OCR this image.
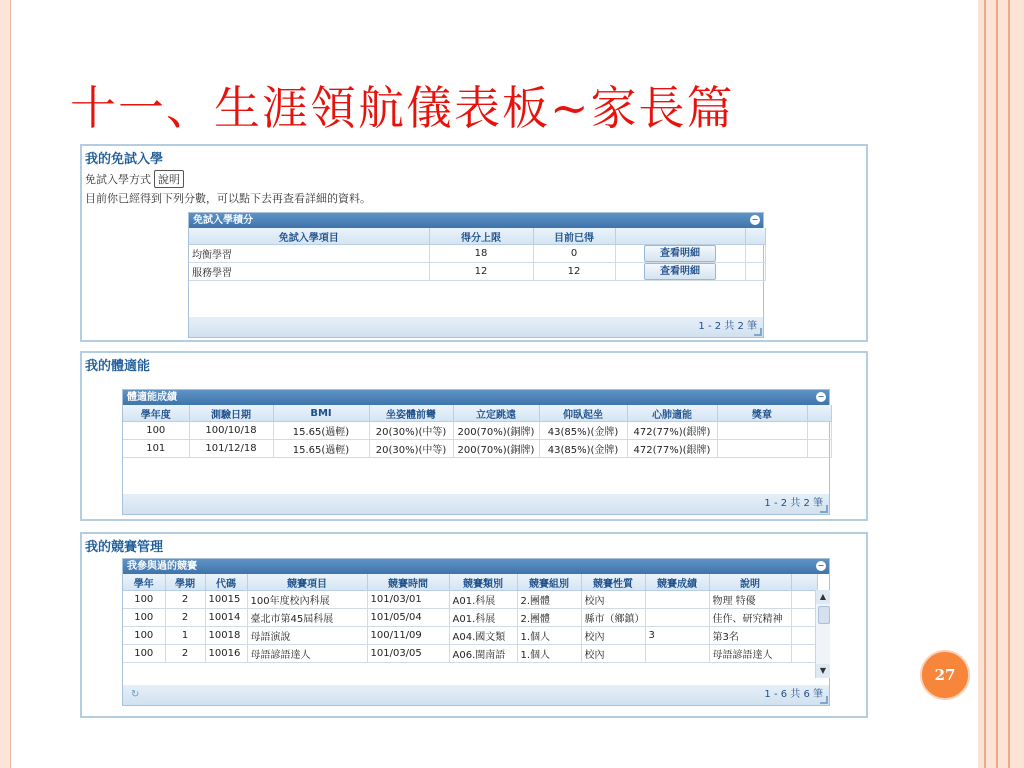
十一、生涯領航儀表板~家長篇
我的免試入學
免試入學方式 說明
目前你已經得到下列分數，可以點下去再查看詳細的資料。
免試入學積分	−
免試入學項目	得分上限	目前已得		
均衡學習	18	0	查看明細	
服務學習	12	12	查看明細	
1 - 2 共 2 筆
我的體適能
體適能成績	−
學年度	測驗日期	BMI	坐姿體前彎	立定跳遠	仰臥起坐	心肺適能	獎章	
100	100/10/18	15.65(過輕)	20(30%)(中等)	200(70%)(銅牌)	43(85%)(金牌)	472(77%)(銀牌)		
101	101/12/18	15.65(過輕)	20(30%)(中等)	200(70%)(銅牌)	43(85%)(金牌)	472(77%)(銀牌)		
1 - 2 共 2 筆
我的競賽管理
我參與過的競賽	−
學年	學期	代碼	競賽項目	競賽時間	競賽類別	競賽組別	競賽性質	競賽成績	說明	
100	2	10015	100年度校內科展	101/03/01	A01.科展	2.團體	校內		物理 特優	
100	2	10014	臺北市第45屆科展	101/05/04	A01.科展	2.團體	縣市（鄉鎮）		佳作、研究精神	
100	1	10018	母語演說	100/11/09	A04.國文類	1.個人	校內	3	第3名	
100	2	10016	母語諺語達人	101/03/05	A06.閩南語	1.個人	校內		母語諺語達人	
▲
▼
↻	1 - 6 共 6 筆
27
